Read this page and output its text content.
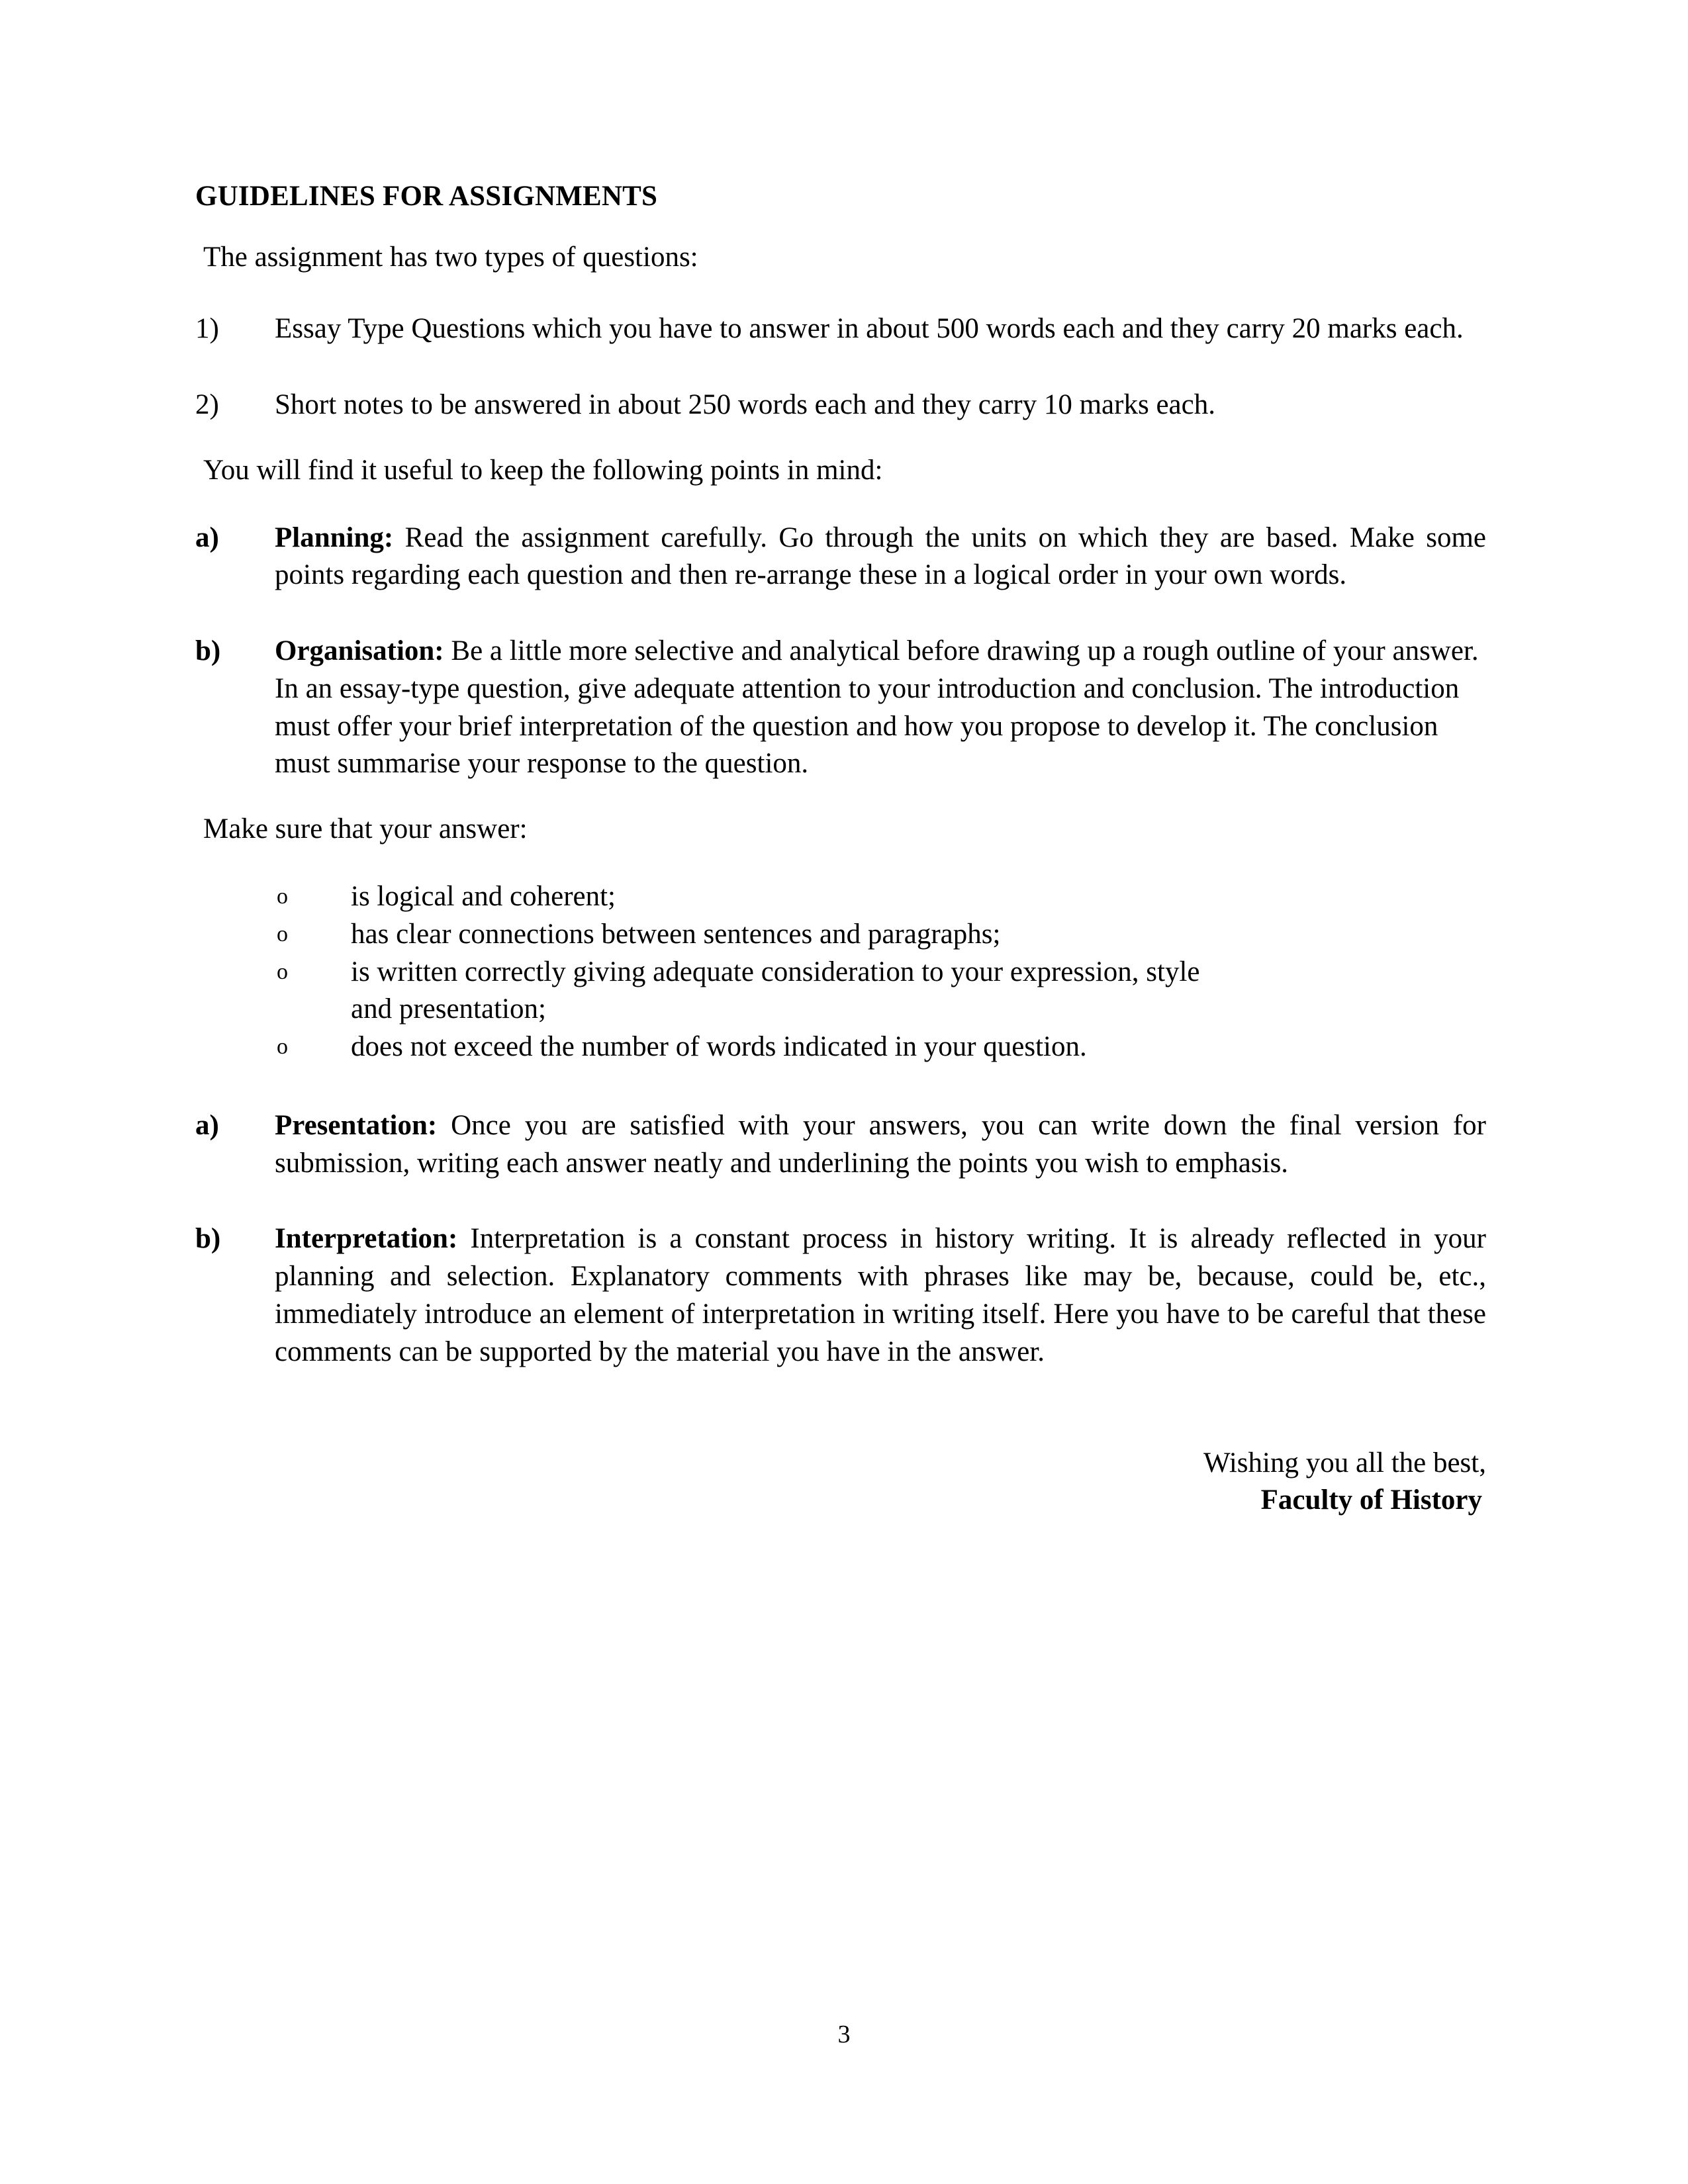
GUIDELINES FOR ASSIGNMENTS

The assignment has two types of questions:

1)	Essay Type Questions which you have to answer in about 500 words each and they carry 20 marks each.
2)	Short notes to be answered in about 250 words each and they carry 10 marks each.

You will find it useful to keep the following points in mind:

a)	Planning: Read the assignment carefully. Go through the units on which they are based. Make some points regarding each question and then re-arrange these in a logical order in your own words.
b)	Organisation: Be a little more selective and analytical before drawing up a rough outline of your answer. In an essay-type question, give adequate attention to your introduction and conclusion. The introduction must offer your brief interpretation of the question and how you propose to develop it. The conclusion must summarise your response to the question.

Make sure that your answer:

o	is logical and coherent;
o	has clear connections between sentences and paragraphs;
o	is written correctly giving adequate consideration to your expression, style and presentation;
o	does not exceed the number of words indicated in your question.
a)	Presentation: Once you are satisfied with your answers, you can write down the final version for submission, writing each answer neatly and underlining the points you wish to emphasis.
b)	Interpretation: Interpretation is a constant process in history writing. It is already reflected in your planning and selection. Explanatory comments with phrases like may be, because, could be, etc., immediately introduce an element of interpretation in writing itself. Here you have to be careful that these comments can be supported by the material you have in the answer.
Wishing you all the best,
Faculty of History
3
